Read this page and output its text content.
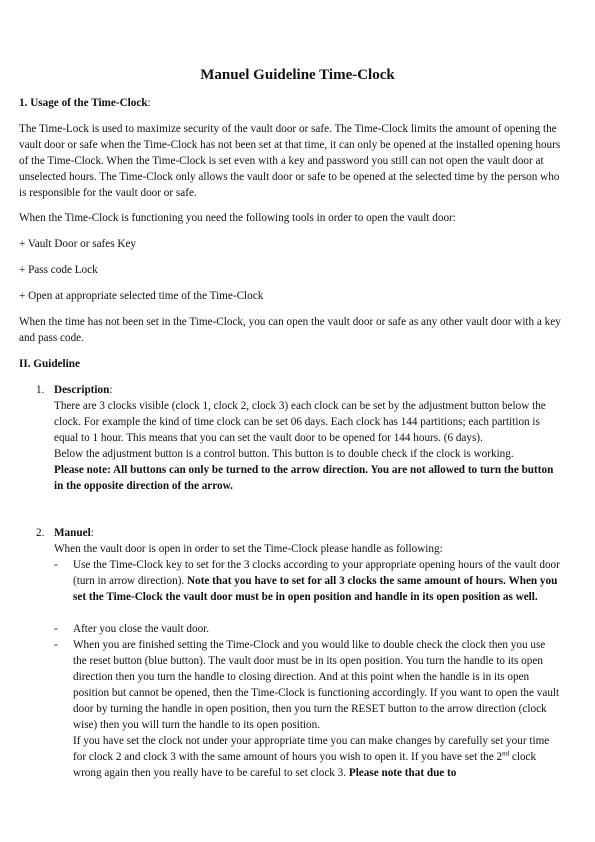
Manuel Guideline Time-Clock
1. Usage of the Time-Clock:
The Time-Lock is used to maximize security of the vault door or safe. The Time-Clock limits the amount of opening the vault door or safe when the Time-Clock has not been set at that time, it can only be opened at the installed opening hours of the Time-Clock. When the Time-Clock is set even with a key and password you still can not open the vault door at unselected hours. The Time-Clock only allows the vault door or safe to be opened at the selected time by the person who is responsible for the vault door or safe.
When the Time-Clock is functioning you need the following tools in order to open the vault door:
+ Vault Door or safes Key
+ Pass code Lock
+ Open at appropriate selected time of the Time-Clock
When the time has not been set in the Time-Clock, you can open the vault door or safe as any other vault door with a key and pass code.
II. Guideline
1. Description:

There are 3 clocks visible (clock 1, clock 2, clock 3) each clock can be set by the adjustment button below the clock. For example the kind of time clock can be set 06 days. Each clock has 144 partitions; each partition is equal to 1 hour. This means that you can set the vault door to be opened for 144 hours. (6 days).

Below the adjustment button is a control button. This button is to double check if the clock is working.

Please note: All buttons can only be turned to the arrow direction. You are not allowed to turn the button in the opposite direction of the arrow.

2. Manuel:

When the vault door is open in order to set the Time-Clock please handle as following:

- Use the Time-Clock key to set for the 3 clocks according to your appropriate opening hours of the vault door (turn in arrow direction). Note that you have to set for all 3 clocks the same amount of hours. When you set the Time-Clock the vault door must be in open position and handle in its open position as well.
- After you close the vault door.
- When you are finished setting the Time-Clock and you would like to double check the clock then you use the reset button (blue button). The vault door must be in its open position. You turn the handle to its open direction then you turn the handle to closing direction. And at this point when the handle is in its open position but cannot be opened, then the Time-Clock is functioning accordingly. If you want to open the vault door by turning the handle in open position, then you turn the RESET button to the arrow direction (clock wise) then you will turn the handle to its open position.

If you have set the clock not under your appropriate time you can make changes by carefully set your time for clock 2 and clock 3 with the same amount of hours you wish to open it. If you have set the 2nd clock wrong again then you really have to be careful to set clock 3. Please note that due to
